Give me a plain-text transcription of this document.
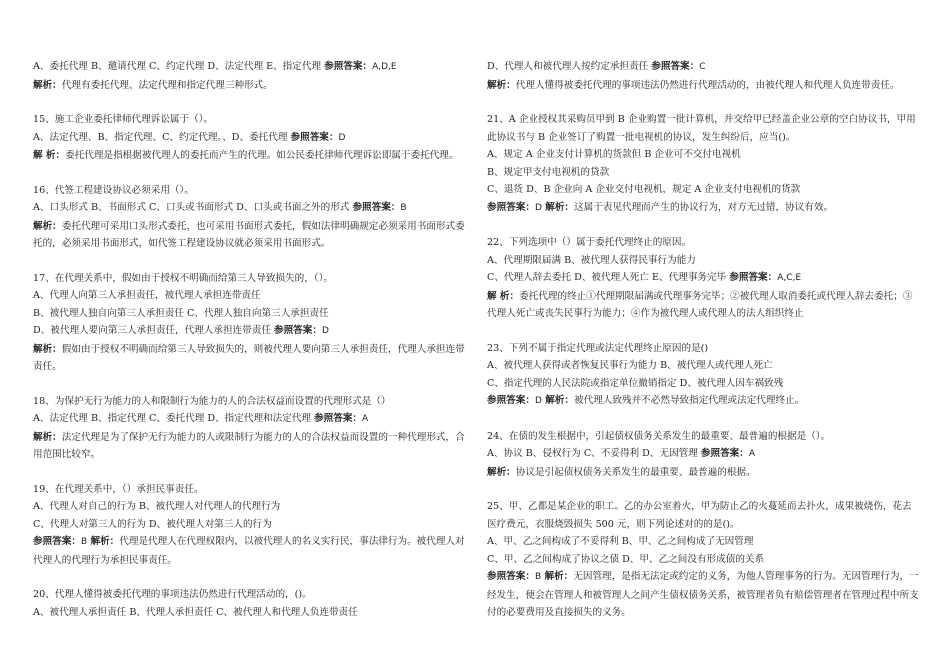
A、委托代理 B、邀请代理 C、约定代理 D、法定代理 E、指定代理 参照答案：A,D,E
解析：代理有委托代理、法定代理和指定代理三种形式。
15、施工企业委托律师代理诉讼属于（）。
A、法定代理、B、指定代理、C、约定代理。、D、委托代理 参照答案：D
解 析：委托代理是指根据被代理人的委托而产生的代理。如公民委托律师代理诉讼即属于委托代理。
16、代签工程建设协议必须采用（）。
A、口头形式 B、书面形式 C、口头或书面形式 D、口头或书面之外的形式 参照答案：B
解析：委托代理可采用口头形式委托，也可采用书面形式委托，假如法律明确规定必须采用书面形式委托的，必须采用书面形式，如代签工程建设协议就必须采用书面形式。
17、在代理关系中，假如由于授权不明确而给第三人导致损失的，（）。
A、代理人向第三人承担责任，被代理人承担连带责任
B、被代理人独自向第三人承担责任 C、代理人独自向第三人承担责任
D、被代理人要向第三人承担责任，代理人承担连带责任 参照答案：D
解析：假如由于授权不明确而给第三人导致损失的，则被代理人要向第三人承担责任，代理人承担连带责任。
18、为保护无行为能力的人和限制行为能力的人的合法权益而设置的代理形式是（）
A、法定代理 B、指定代理 C、委托代理 D、指定代理和法定代理 参照答案：A
解析：法定代理是为了保护无行为能力的人或限制行为能力的人的合法权益而设置的一种代理形式，合用范围比较窄。
19、在代理关系中，（）承担民事责任。
A、代理人对自己的行为 B、被代理人对代理人的代理行为
C、代理人对第三人的行为 D、被代理人对第三人的行为
参照答案：B 解析：代理是代理人在代理权限内，以被代理人的名义实行民，事法律行为。被代理人对代理人的代理行为承担民事责任。
20、代理人懂得被委托代理的事项违法仍然进行代理活动的，()。
A、被代理人承担责任 B、代理人承担责任 C、被代理人和代理人负连带责任
D、代理人和被代理人按约定承担责任 参照答案：C
解析：代理人懂得被委托代理的事项违法仍然进行代理活动的，由被代理人和代理人负连带责任。
21、A 企业授权其采购员甲到 B 企业购置一批计算机，并交给甲已经盖企业公章的空白协议书，甲用此协议书与 B 企业签订了购置一批电视机的协议，发生纠纷后，应当()。
A、规定 A 企业支付计算机的货款但 B 企业可不交付电视机
B、规定甲支付电视机的贷款
C、退货 D、B 企业向 A 企业交付电视机，规定 A 企业支付电视机的货款
参照答案：D 解析：这属于表见代理而产生的协议行为，对方无过错，协议有效。
22、下列选项中（）属于委托代理终止的原因。
A、代理期限届满 B、被代理人获得民事行为能力
C、代理人辞去委托 D、被代理人死亡 E、代理事务完毕 参照答案：A,C,E
解 析：委托代理的终止①代理期限届满或代理事务完毕；②被代理人取消委托或代理人辞去委托；③代理人死亡或丧失民事行为能力；④作为被代理人或代理人的法人组织终止
23、下列不属于指定代理或法定代理终止原因的是()
A、被代理人获得或者恢复民事行为能力 B、被代理人或代理人死亡
C、指定代理的人民法院或指定单位撤销指定 D、被代理人因车祸致残
参照答案：D 解析：被代理人致残并不必然导致指定代理或法定代理终止。
24、在债的发生根据中，引起债权债务关系发生的最重要、最普遍的根据是（）。
A、协议 B、侵权行为 C、不妥得利 D、无因管理 参照答案：A
解析：协议是引起债权债务关系发生的最重要、最普遍的根据。
25、甲、乙都是某企业的职工。乙的办公室着火，甲为防止乙的火蔓延而去扑火，成果被烧伤，花去医疗费元，衣服烧毁损失 500 元，则下列论述对的的是()。
A、甲、乙之间构成了不妥得利 B、甲、乙之间构成了无因管理
C、甲、乙之间构成了协议之债 D、甲、乙之间没有形成债的关系
参照答案：B 解析：无因管理，是指无法定或约定的义务，为他人管理事务的行为。无因管理行为，一经发生，便会在管理人和被管理人之间产生债权债务关系，被管理者负有赔偿管理者在管理过程中所支付的必要费用及直接损失的义务。
